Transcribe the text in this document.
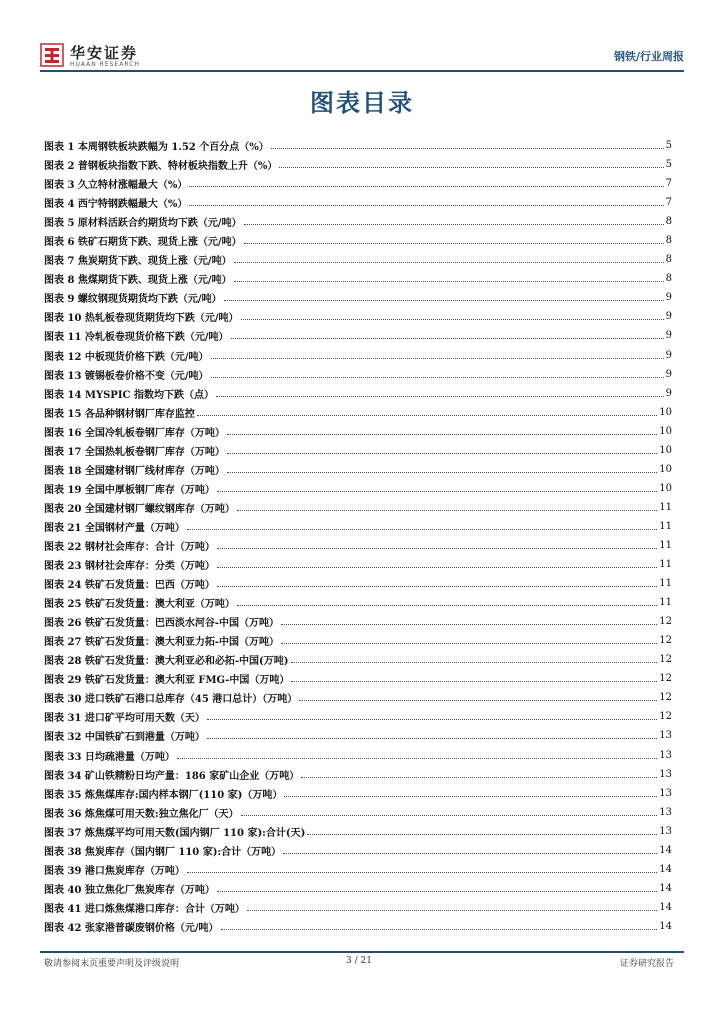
华安证券
HUAAN RESEARCH
钢铁/行业周报
图表目录
图表 1 本周钢铁板块跌幅为 1.52 个百分点（%）	5
图表 2 普钢板块指数下跌、特材板块指数上升（%）	5
图表 3 久立特材涨幅最大（%）	7
图表 4 西宁特钢跌幅最大（%）	7
图表 5 原材料活跃合约期货均下跌（元/吨）	8
图表 6 铁矿石期货下跌、现货上涨（元/吨）	8
图表 7 焦炭期货下跌、现货上涨（元/吨）	8
图表 8 焦煤期货下跌、现货上涨（元/吨）	8
图表 9 螺纹钢现货期货均下跌（元/吨）	9
图表 10 热轧板卷现货期货均下跌（元/吨）	9
图表 11 冷轧板卷现货价格下跌（元/吨）	9
图表 12 中板现货价格下跌（元/吨）	9
图表 13 镀锡板卷价格不变（元/吨）	9
图表 14 MYSPIC 指数均下跌（点）	9
图表 15 各品种钢材钢厂库存监控	10
图表 16 全国冷轧板卷钢厂库存（万吨）	10
图表 17 全国热轧板卷钢厂库存（万吨）	10
图表 18 全国建材钢厂线材库存（万吨）	10
图表 19 全国中厚板钢厂库存（万吨）	10
图表 20 全国建材钢厂螺纹钢库存（万吨）	11
图表 21 全国钢材产量（万吨）	11
图表 22 钢材社会库存：合计（万吨）	11
图表 23 钢材社会库存：分类（万吨）	11
图表 24 铁矿石发货量：巴西（万吨）	11
图表 25 铁矿石发货量：澳大利亚（万吨）	11
图表 26 铁矿石发货量：巴西淡水河谷-中国（万吨）	12
图表 27 铁矿石发货量：澳大利亚力拓-中国（万吨）	12
图表 28 铁矿石发货量：澳大利亚必和必拓-中国(万吨)	12
图表 29 铁矿石发货量：澳大利亚 FMG-中国（万吨）	12
图表 30 进口铁矿石港口总库存（45 港口总计）（万吨）	12
图表 31 进口矿平均可用天数（天）	12
图表 32 中国铁矿石到港量（万吨）	13
图表 33 日均疏港量（万吨）	13
图表 34 矿山铁精粉日均产量：186 家矿山企业（万吨）	13
图表 35 炼焦煤库存:国内样本钢厂(110 家)（万吨）	13
图表 36 炼焦煤可用天数:独立焦化厂（天）	13
图表 37 炼焦煤平均可用天数(国内钢厂 110 家):合计(天)	13
图表 38 焦炭库存（国内钢厂 110 家):合计（万吨）	14
图表 39 港口焦炭库存（万吨）	14
图表 40 独立焦化厂焦炭库存（万吨）	14
图表 41 进口炼焦煤港口库存：合计（万吨）	14
图表 42 张家港普碳废钢价格（元/吨）	14
敬请参阅末页重要声明及评级说明	3 / 21	证券研究报告
